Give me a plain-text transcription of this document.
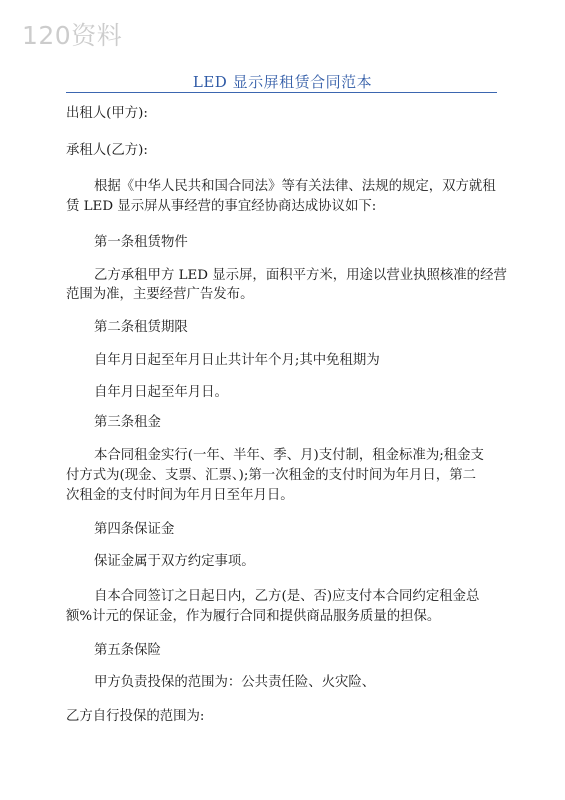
120资料
LED 显示屏租赁合同范本
出租人(甲方):
承租人(乙方):
根据《中华人民共和国合同法》等有关法律、法规的规定，双方就租
赁 LED 显示屏从事经营的事宜经协商达成协议如下:
第一条租赁物件
乙方承租甲方 LED 显示屏，面积平方米，用途以营业执照核准的经营
范围为准，主要经营广告发布。
第二条租赁期限
自年月日起至年月日止共计年个月;其中免租期为
自年月日起至年月日。
第三条租金
本合同租金实行(一年、半年、季、月)支付制，租金标准为;租金支
付方式为(现金、支票、汇票、);第一次租金的支付时间为年月日，第二
次租金的支付时间为年月日至年月日。
第四条保证金
保证金属于双方约定事项。
自本合同签订之日起日内，乙方(是、否)应支付本合同约定租金总
额%计元的保证金，作为履行合同和提供商品服务质量的担保。
第五条保险
甲方负责投保的范围为：公共责任险、火灾险、
乙方自行投保的范围为:
